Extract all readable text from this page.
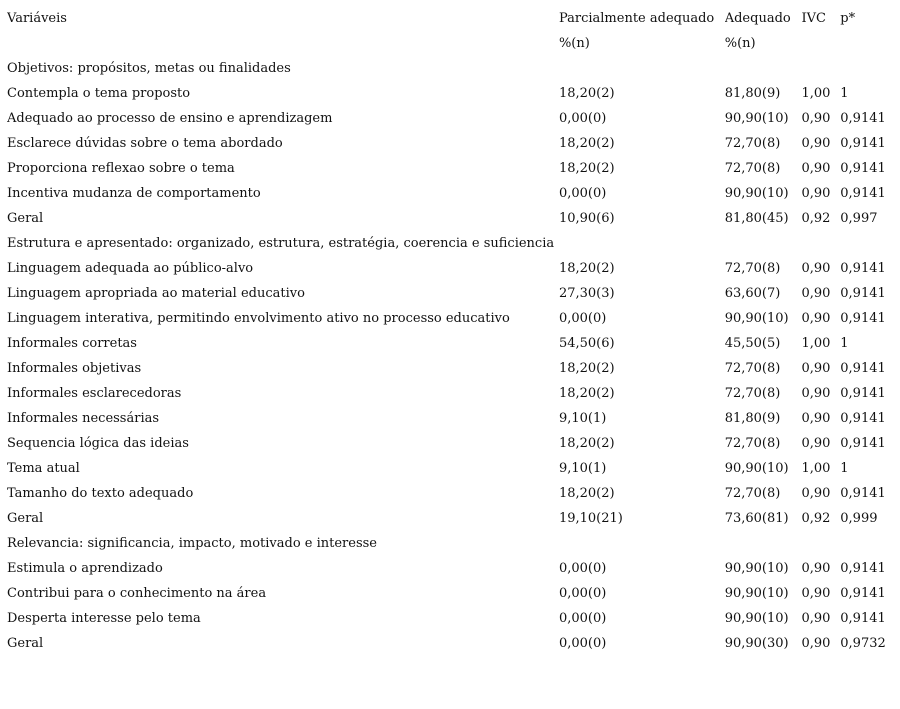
Variáveis	Parcialmente adequado	Adequado	IVC	p*
	%(n)	%(n)		
Objetivos: propósitos, metas ou finalidades				
Contempla o tema proposto	18,20(2)	81,80(9)	1,00	1
Adequado ao processo de ensino e aprendizagem	0,00(0)	90,90(10)	0,90	0,9141
Esclarece dúvidas sobre o tema abordado	18,20(2)	72,70(8)	0,90	0,9141
Proporciona reflexao sobre o tema	18,20(2)	72,70(8)	0,90	0,9141
Incentiva mudanza de comportamento	0,00(0)	90,90(10)	0,90	0,9141
Geral	10,90(6)	81,80(45)	0,92	0,997
Estrutura e apresentado: organizado, estrutura, estratégia, coerencia e suficiencia				
Linguagem adequada ao público-alvo	18,20(2)	72,70(8)	0,90	0,9141
Linguagem apropriada ao material educativo	27,30(3)	63,60(7)	0,90	0,9141
Linguagem interativa, permitindo envolvimento ativo no processo educativo	0,00(0)	90,90(10)	0,90	0,9141
Informales corretas	54,50(6)	45,50(5)	1,00	1
Informales objetivas	18,20(2)	72,70(8)	0,90	0,9141
Informales esclarecedoras	18,20(2)	72,70(8)	0,90	0,9141
Informales necessárias	9,10(1)	81,80(9)	0,90	0,9141
Sequencia lógica das ideias	18,20(2)	72,70(8)	0,90	0,9141
Tema atual	9,10(1)	90,90(10)	1,00	1
Tamanho do texto adequado	18,20(2)	72,70(8)	0,90	0,9141
Geral	19,10(21)	73,60(81)	0,92	0,999
Relevancia: significancia, impacto, motivado e interesse				
Estimula o aprendizado	0,00(0)	90,90(10)	0,90	0,9141
Contribui para o conhecimento na área	0,00(0)	90,90(10)	0,90	0,9141
Desperta interesse pelo tema	0,00(0)	90,90(10)	0,90	0,9141
Geral	0,00(0)	90,90(30)	0,90	0,9732
